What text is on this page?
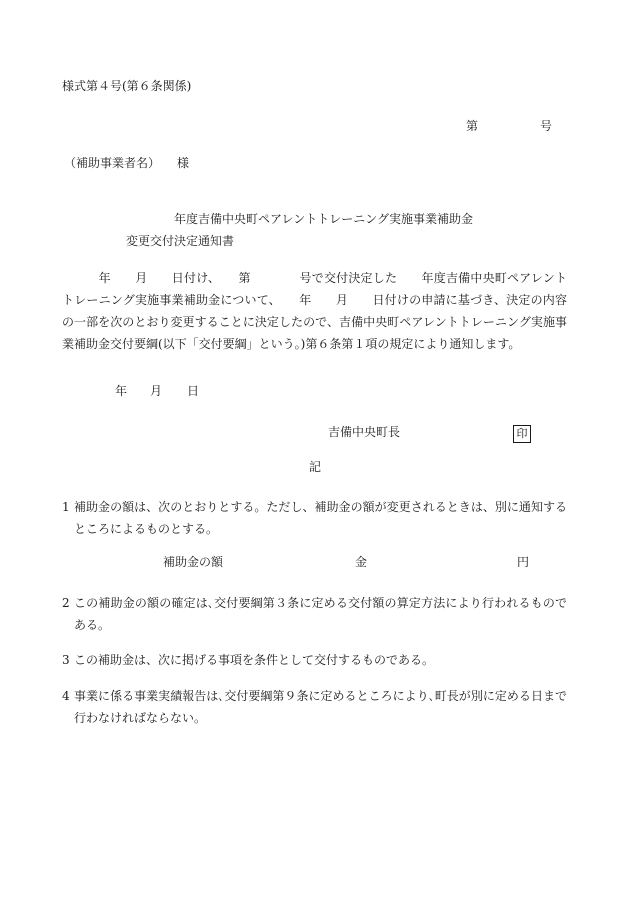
様式第４号(第６条関係)
第	号
（補助事業者名） 様
年度吉備中央町ペアレントトレーニング実施事業補助金
変更交付決定通知書
　　　年　　月　　日付け、　　第　　　　号で交付決定した　　年度吉備中央町ペアレントトレーニング実施事業補助金について、　　年　　月　　日付けの申請に基づき、決定の内容の一部を次のとおり変更することに決定したので、吉備中央町ペアレントトレーニング実施事業補助金交付要綱(以下「交付要綱」という。)第６条第１項の規定により通知します。
年 月 日
吉備中央町長	印
記
1 補助金の額は、次のとおりとする。ただし、補助金の額が変更されるときは、別に通知するところによるものとする。
補助金の額	金	円
2 この補助金の額の確定は､交付要綱第３条に定める交付額の算定方法により行われるものである。
3 この補助金は、次に掲げる事項を条件として交付するものである。
4 事業に係る事業実績報告は､交付要綱第９条に定めるところにより､町長が別に定める日まで行わなければならない。
